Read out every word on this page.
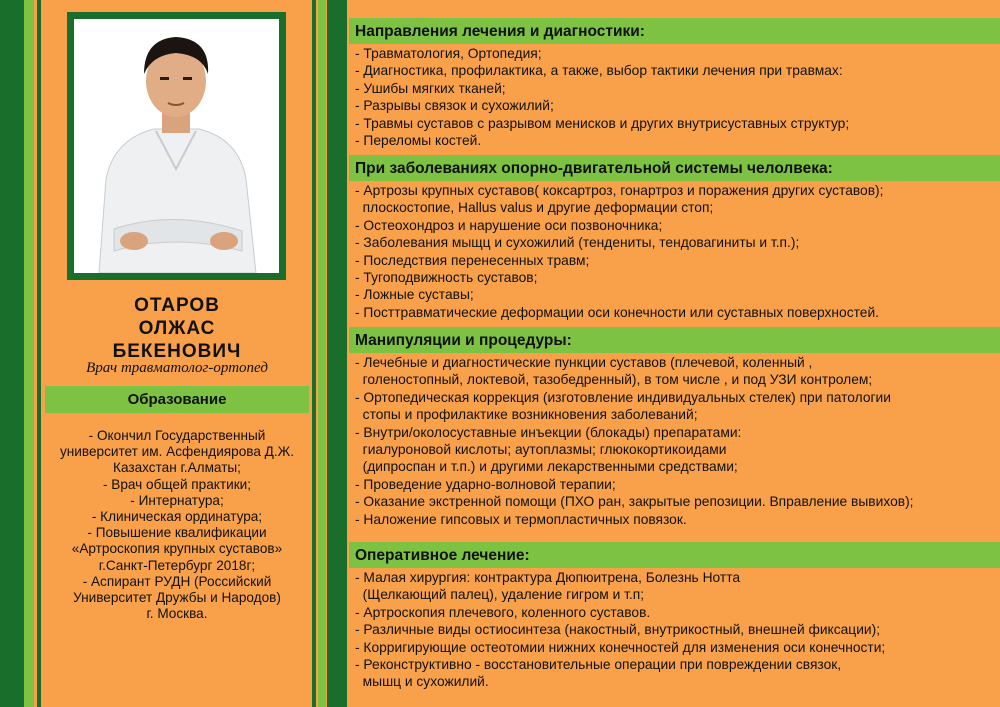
ОТАРОВ
ОЛЖАС
БЕКЕНОВИЧ
Врач травматолог-ортопед
Образование
- Окончил Государственный
университет им. Асфендиярова Д.Ж.
Казахстан г.Алматы;
- Врач общей практики;
- Интернатура;
- Клиническая ординатура;
- Повышение квалификации
«Артроскопия крупных суставов»
г.Санкт-Петербург 2018г;
- Аспирант РУДН (Российский
Университет Дружбы и Народов)
г. Москва.
Направления лечения и диагностики:
- Травматология, Ортопедия;
- Диагностика, профилактика, а также, выбор тактики лечения при травмах:
- Ушибы мягких тканей;
- Разрывы связок и сухожилий;
- Травмы суставов с разрывом менисков и других внутрисуставных структур;
- Переломы костей.
При заболеваниях опорно-двигательной системы челолвека:
- Артрозы крупных суставов( коксартроз, гонартроз и поражения других суставов);
плоскостопие, Hallus valus и другие деформации стоп;
- Остеохондроз и нарушение оси позвоночника;
- Заболевания мыщц и сухожилий (тендениты, тендовагиниты и т.п.);
- Последствия перенесенных травм;
- Тугоподвижность суставов;
- Ложные суставы;
- Посттравматические деформации оси конечности или суставных поверхностей.
Манипуляции и процедуры:
- Лечебные и диагностические пункции суставов (плечевой, коленный ,
голеностопный, локтевой, тазобедренный), в том числе , и под УЗИ контролем;
- Ортопедическая коррекция (изготовление индивидуальных стелек) при патологии
стопы и профилактике возникновения заболеваний;
- Внутри/околосуставные инъекции (блокады) препаратами:
гиалуроновой кислоты; аутоплазмы; глюкокортикоидами
(дипроспан и т.п.) и другими лекарственными средствами;
- Проведение ударно-волновой терапии;
- Оказание экстренной помощи (ПХО ран, закрытые репозиции. Вправление вывихов);
- Наложение гипсовых и термопластичных повязок.
Оперативное лечение:
- Малая хирургия: контрактура Дюпюитрена, Болезнь Нотта
(Щелкающий палец), удаление гигром и т.п;
- Артроскопия плечевого, коленного суставов.
- Различные виды остиосинтеза (накостный, внутрикостный, внешней фиксации);
- Корригирующие остеотомии нижних конечностей для изменения оси конечности;
- Реконструктивно - восстановительные операции при повреждении связок,
мышц и сухожилий.
